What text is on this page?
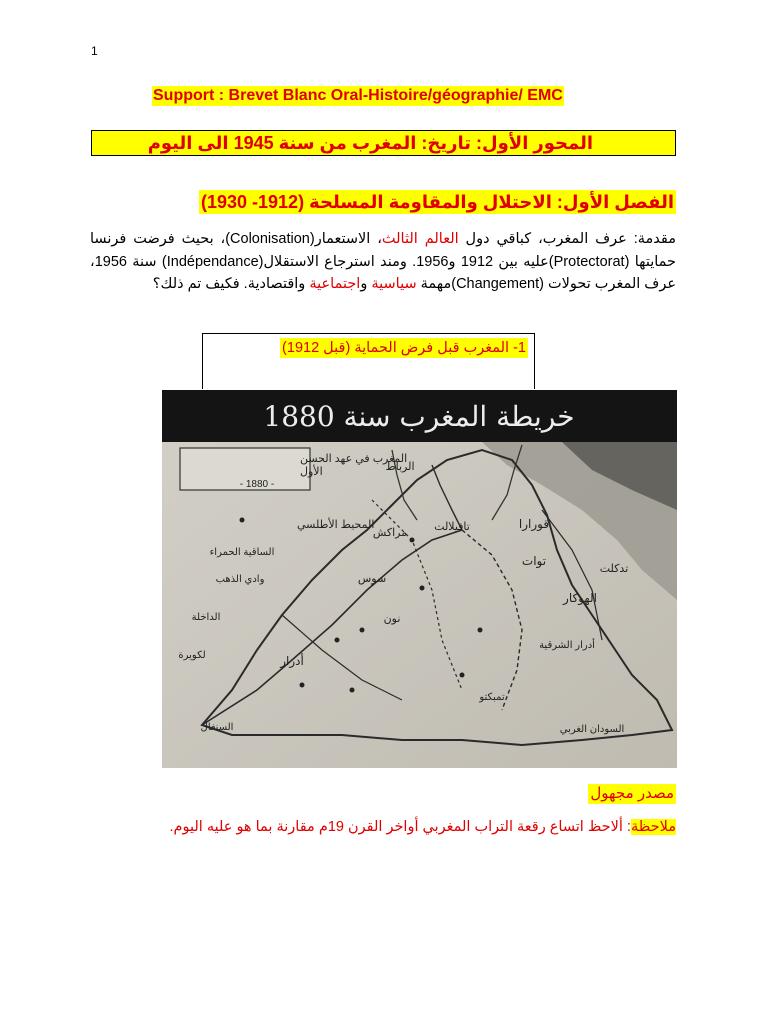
1
Support : Brevet Blanc Oral-Histoire/géographie/ EMC
المحور الأول: تاريخ: المغرب من سنة 1945 الى اليوم
الفصل الأول: الاحتلال والمقاومة المسلحة (1912- 1930)
مقدمة: عرف المغرب، كباقي دول العالم الثالث، الاستعمار(Colonisation)، بحيث فرضت فرنسا حمايتها (Protectorat)عليه بين 1912 و1956. ومند استرجاع الاستقلال(Indépendance) سنة 1956، عرف المغرب تحولات (Changement)مهمة سياسية واجتماعية واقتصادية. فكيف تم ذلك؟
1- المغرب قبل فرض الحماية (قبل 1912)
خريطة المغرب سنة 1880
المغرب في عهد الحسن
الأول
- 1880 -
المحيط الأطلسي	تافيلالت	قورارا
توات
تدكلت
مراكش
الرباط
سوس
نون
الساقية الحمراء
وادي الذهب
أدرار
الهوكار
تمبكتو
السنغال	السودان الغربي
أدرار الشرقية
الداخلة
لكويرة
مصدر مجهول
ملاحظة: ألاحظ اتساع رقعة التراب المغربي أواخر القرن 19م مقارنة بما هو عليه اليوم.
